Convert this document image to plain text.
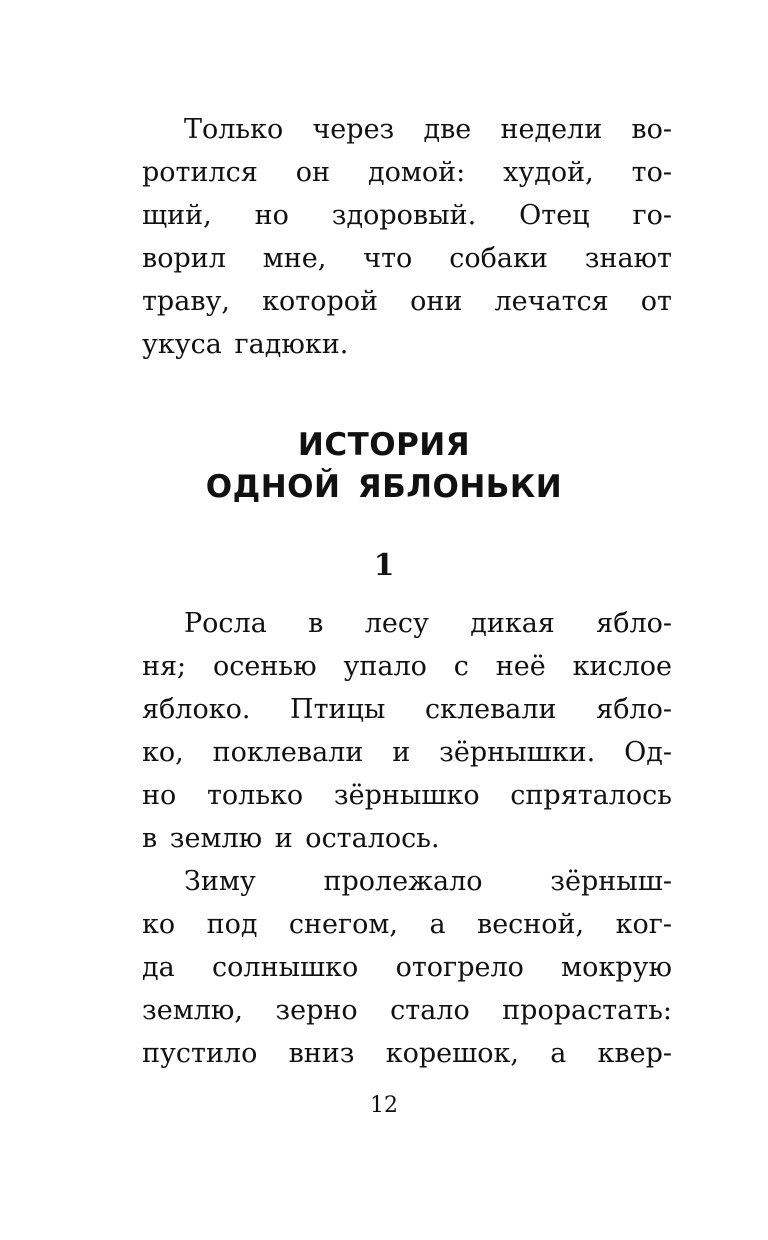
Только через две недели во-
ротился он домой: худой, то-
щий, но здоровый. Отец го-
ворил мне, что собаки знают
траву, которой они лечатся от
укуса гадюки.
ИСТОРИЯ
ОДНОЙ ЯБЛОНЬКИ
1
Росла в лесу дикая ябло-
ня; осенью упало с неё кислое
яблоко. Птицы склевали ябло-
ко, поклевали и зёрнышки. Од-
но только зёрнышко спряталось
в землю и осталось.
Зиму пролежало зёрныш-
ко под снегом, а весной, ког-
да солнышко отогрело мокрую
землю, зерно стало прорастать:
пустило вниз корешок, а квер-
12
